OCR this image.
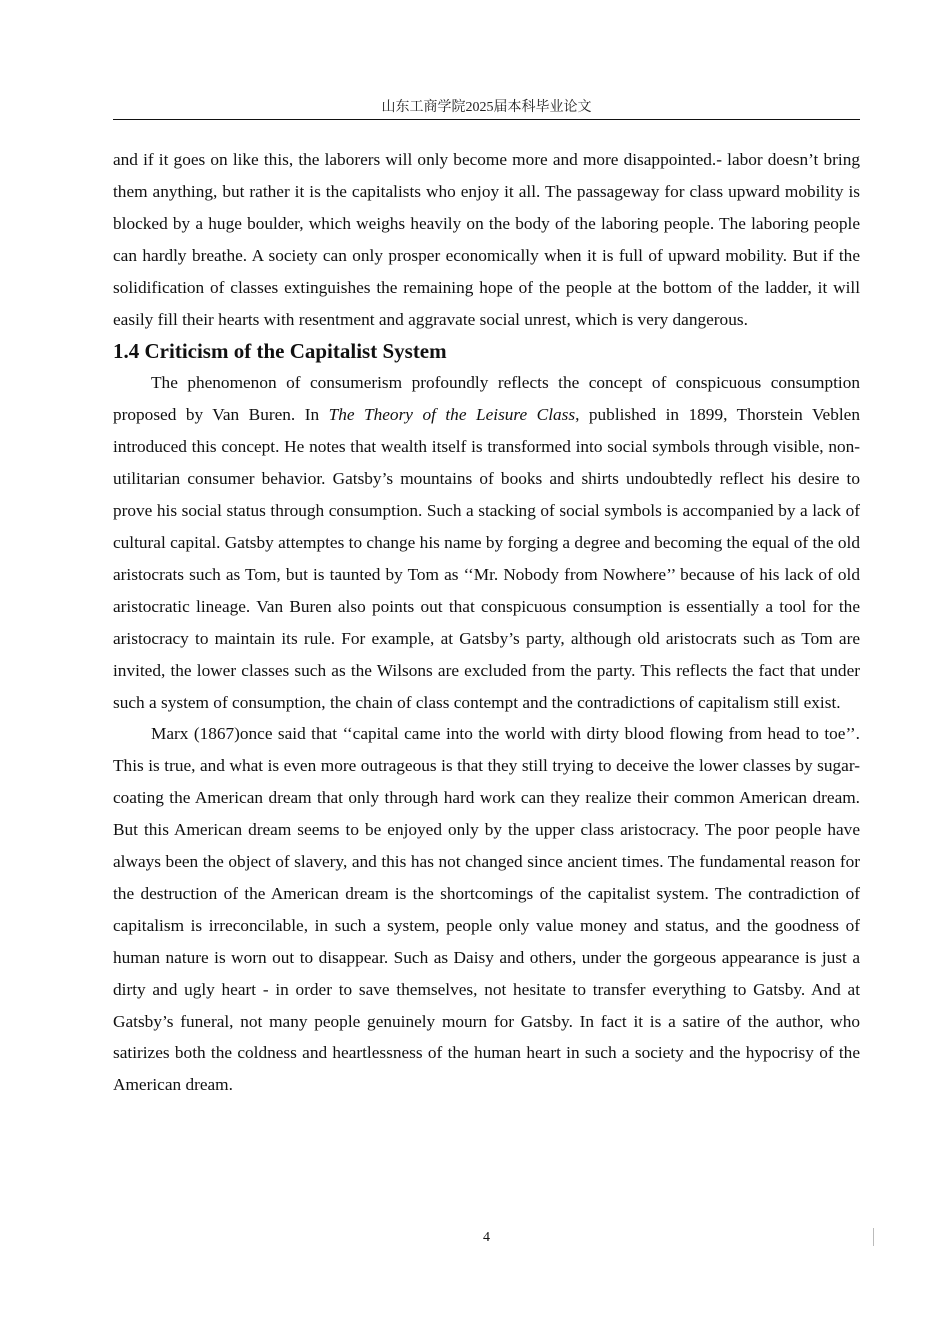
山东工商学院2025届本科毕业论文

and if it goes on like this, the laborers will only become more and more disappointed.- labor doesn’t bring them anything, but rather it is the capitalists who enjoy it all. The passageway for class upward mobility is blocked by a huge boulder, which weighs heavily on the body of the laboring people. The laboring people can hardly breathe. A society can only prosper economically when it is full of upward mobility. But if the solidification of classes extinguishes the remaining hope of the people at the bottom of the ladder, it will easily fill their hearts with resentment and aggravate social unrest, which is very dangerous.

1.4 Criticism of the Capitalist System

The phenomenon of consumerism profoundly reflects the concept of conspicuous consumption proposed by Van Buren. In The Theory of the Leisure Class, published in 1899, Thorstein Veblen introduced this concept. He notes that wealth itself is transformed into social symbols through visible, non-utilitarian consumer behavior. Gatsby’s mountains of books and shirts undoubtedly reflect his desire to prove his social status through consumption. Such a stacking of social symbols is accompanied by a lack of cultural capital. Gatsby attemptes to change his name by forging a degree and becoming the equal of the old aristocrats such as Tom, but is taunted by Tom as ‘‘Mr. Nobody from Nowhere’’ because of his lack of old aristocratic lineage. Van Buren also points out that conspicuous consumption is essentially a tool for the aristocracy to maintain its rule. For example, at Gatsby’s party, although old aristocrats such as Tom are invited, the lower classes such as the Wilsons are excluded from the party. This reflects the fact that under such a system of consumption, the chain of class contempt and the contradictions of capitalism still exist.

Marx (1867)once said that ‘‘capital came into the world with dirty blood flowing from head to toe’’. This is true, and what is even more outrageous is that they still trying to deceive the lower classes by sugar-coating the American dream that only through hard work can they realize their common American dream. But this American dream seems to be enjoyed only by the upper class aristocracy. The poor people have always been the object of slavery, and this has not changed since ancient times. The fundamental reason for the destruction of the American dream is the shortcomings of the capitalist system. The contradiction of capitalism is irreconcilable, in such a system, people only value money and status, and the goodness of human nature is worn out to disappear. Such as Daisy and others, under the gorgeous appearance is just a dirty and ugly heart - in order to save themselves, not hesitate to transfer everything to Gatsby. And at Gatsby’s funeral, not many people genuinely mourn for Gatsby. In fact it is a satire of the author, who satirizes both the coldness and heartlessness of the human heart in such a society and the hypocrisy of the American dream.

4
